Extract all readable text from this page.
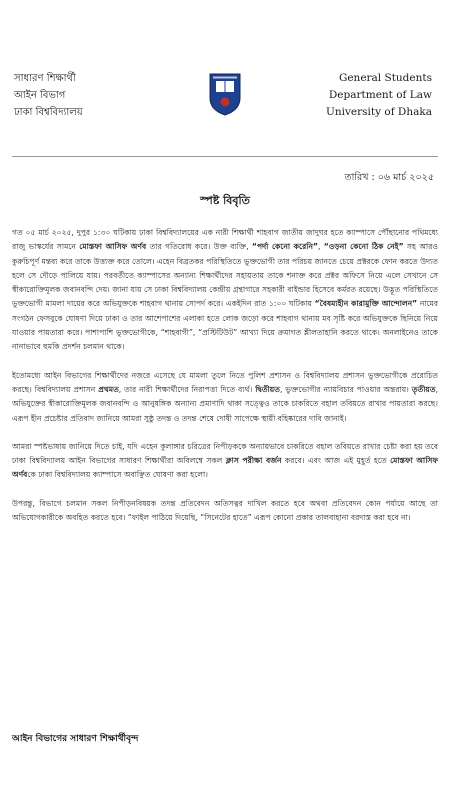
সাধারণ শিক্ষার্থী
আইন বিভাগ
ঢাকা বিশ্ববিদ্যালয়
General Students
Department of Law
University of Dhaka
তারিখ : ০৬ মার্চ ২০২৫
স্পষ্ট বিবৃতি

গত ০৫ মার্চ ২০২৫, দুপুর ১:৩০ ঘটিকায় ঢাকা বিশ্ববিদ্যালয়ের এক নারী শিক্ষার্থী শাহবাগ জাতীয় জাদুঘর হতে ক্যাম্পাসে পৌঁছানোর পথিমধ্যে রাজু ভাস্কর্যের সামনে মোস্তফা আসিফ অর্ণব তার গতিরোধ করে। উক্ত ব্যক্তি, “পর্দা কেনো করেনি”, “ওড়না কেনো ঠিক নেই” সহ আরও কুরুচিপূর্ণ মন্তব্য করে তাকে উত্ত্যক্ত করে তোলে। এহেন বিব্রতকর পরিস্থিতিতে ভুক্তভোগী তার পরিচয় জানতে চেয়ে প্রক্টরকে ফোন করতে উদ্যত হলে সে দৌড়ে পালিয়ে যায়। পরবর্তীতে ক্যাম্পাসের অন্যান্য শিক্ষার্থীদের সহায়তায় তাকে শনাক্ত করে প্রক্টর অফিসে নিয়ে এলে সেখানে সে স্বীকারোক্তিমূলক জবানবন্দি দেয়। জানা যায় সে ঢাকা বিশ্ববিদ্যালয় কেন্দ্রীয় গ্রন্থাগারে সহকারী বাইন্ডার হিসেবে কর্মরত রয়েছে। উদ্ভূত পরিস্থিতিতে ভুক্তভোগী মামলা দায়ের করে অভিযুক্তকে শাহবাগ থানায় সোপর্দ করে। একইদিন রাত ১:০০ ঘটিকায় “বৈষম্যহীন কারামুক্তি আন্দোলন” নামের সংগঠন ফেসবুকে ঘোষণা দিয়ে ঢাকা ও তার আশেপাশের এলাকা হতে লোক জড়ো করে শাহবাগ থানায় মব সৃষ্টি করে অভিযুক্তকে ছিনিয়ে নিয়ে যাওয়ার পায়তারা করে। পাশাপাশি ভুক্তভোগীকে, “শাহবাগী”, “প্রস্টিটিউট” আখ্যা দিয়ে ক্রমাগত শ্লীলতাহানি করতে থাকে। অনলাইনেও তাকে নানাভাবে হুমকি প্রদর্শন চলমান থাকে।

ইতোমধ্যে আইন বিভাগের শিক্ষার্থীদের নজরে এসেছে যে মামলা তুলে নিতে পুলিশ প্রশাসন ও বিশ্ববিদ্যালয় প্রশাসন ভুক্তভোগীকে প্ররোচিত করছে। বিশ্ববিদ্যালয় প্রশাসন প্রথমত, তার নারী শিক্ষার্থীদের নিরাপত্তা দিতে ব্যর্থ। দ্বিতীয়ত, ভুক্তভোগীর ন্যায়বিচার পাওয়ার অন্তরায়। তৃতীয়ত, অভিযুক্তের স্বীকারোক্তিমূলক জবানবন্দি ও আনুষঙ্গিক অন্যান্য প্রমাণাদি থাকা সত্ত্বেও তাকে চাকরিতে বহাল তবিয়তে রাখার পায়তারা করছে। এরূপ হীন প্রচেষ্টার প্রতিবাদ জানিয়ে আমরা সুষ্ঠু তদন্ত ও তদন্ত শেষে দোষী সাপেক্ষে স্থায়ী বহিষ্কারের দাবি জানাই।

আমরা স্পষ্টভাষায় জানিয়ে দিতে চাই, যদি এহেন কুলাঙ্গার চরিত্রের নিপীড়ককে অন্যায়ভাবে চাকরিতে বহাল তবিয়তে রাখার চেষ্টা করা হয় তবে ঢাকা বিশ্ববিদ্যালয় আইন বিভাগের সাধারণ শিক্ষার্থীরা অবিলম্বে সকল ক্লাস পরীক্ষা বর্জন করবে। এবং আজ এই মুহূর্ত হতে মোস্তফা আসিফ অর্ণবকে ঢাকা বিশ্ববিদ্যালয় ক্যাম্পাসে অবাঞ্ছিত ঘোষণা করা হলো।

উপরন্তু, বিভাগে চলমান সকল নিপীড়নবিষয়ক তদন্ত প্রতিবেদন অতিসত্বর দাখিল করতে হবে অথবা প্রতিবেদন কোন পর্যায়ে আছে তা অভিযোগকারীকে অবহিত করতে হবে। “ফাইল পাঠিয়ে দিয়েছি, “সিনেটের হাতে” এরূপ কোনো প্রকার তালবাহানা বরদাস্ত করা হবে না।

আইন বিভাগের সাধারণ শিক্ষার্থীবৃন্দ
